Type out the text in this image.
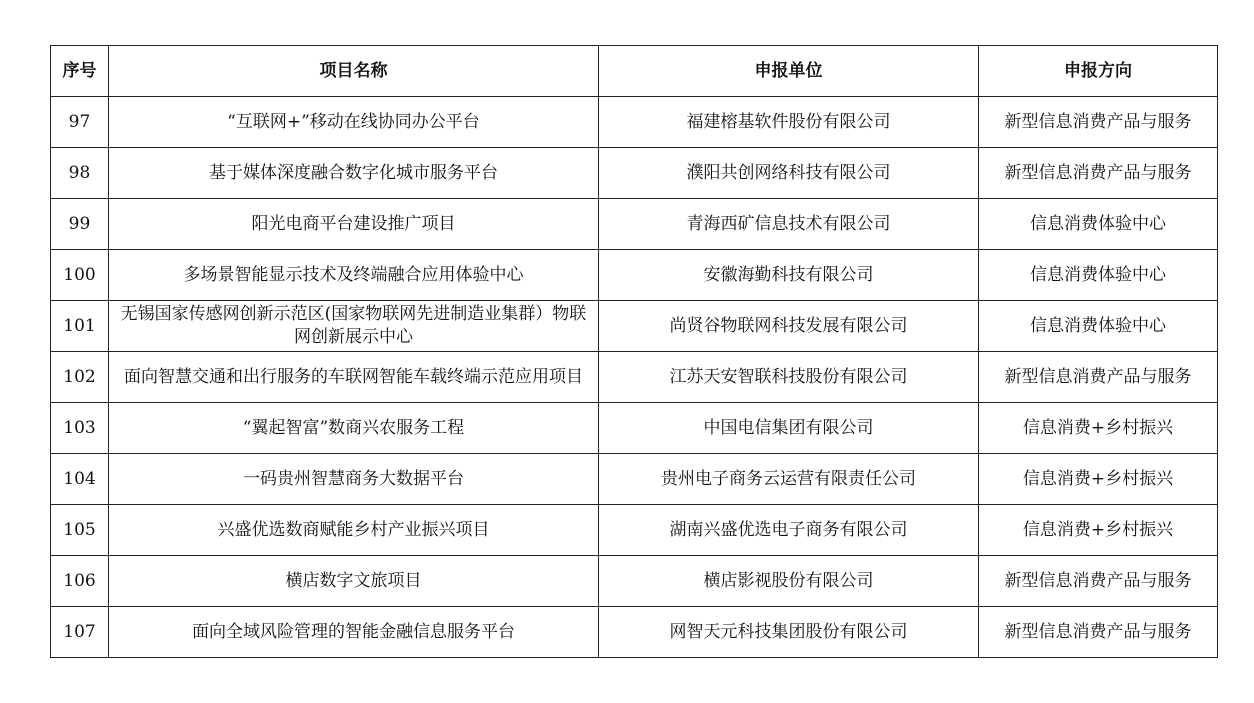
序号	项目名称	申报单位	申报方向
97	“互联网+”移动在线协同办公平台	福建榕基软件股份有限公司	新型信息消费产品与服务
98	基于媒体深度融合数字化城市服务平台	濮阳共创网络科技有限公司	新型信息消费产品与服务
99	阳光电商平台建设推广项目	青海西矿信息技术有限公司	信息消费体验中心
100	多场景智能显示技术及终端融合应用体验中心	安徽海勤科技有限公司	信息消费体验中心
101	无锡国家传感网创新示范区(国家物联网先进制造业集群）物联网创新展示中心	尚贤谷物联网科技发展有限公司	信息消费体验中心
102	面向智慧交通和出行服务的车联网智能车载终端示范应用项目	江苏天安智联科技股份有限公司	新型信息消费产品与服务
103	“翼起智富”数商兴农服务工程	中国电信集团有限公司	信息消费+乡村振兴
104	一码贵州智慧商务大数据平台	贵州电子商务云运营有限责任公司	信息消费+乡村振兴
105	兴盛优选数商赋能乡村产业振兴项目	湖南兴盛优选电子商务有限公司	信息消费+乡村振兴
106	横店数字文旅项目	横店影视股份有限公司	新型信息消费产品与服务
107	面向全域风险管理的智能金融信息服务平台	网智天元科技集团股份有限公司	新型信息消费产品与服务
